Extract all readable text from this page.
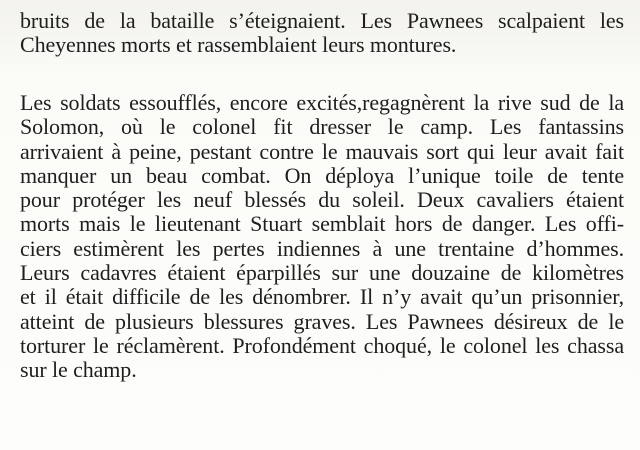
bruits de la bataille s’éteignaient. Les Pawnees scalpaient les
Cheyennes morts et rassemblaient leurs montures.
Les soldats essoufflés, encore excités,regagnèrent la rive sud de la
Solomon, où le colonel fit dresser le camp. Les fantassins
arrivaient à peine, pestant contre le mauvais sort qui leur avait fait
manquer un beau combat. On déploya l’unique toile de tente
pour protéger les neuf blessés du soleil. Deux cavaliers étaient
morts mais le lieutenant Stuart semblait hors de danger. Les offi-
ciers estimèrent les pertes indiennes à une trentaine d’hommes.
Leurs cadavres étaient éparpillés sur une douzaine de kilomètres
et il était difficile de les dénombrer. Il n’y avait qu’un prisonnier,
atteint de plusieurs blessures graves. Les Pawnees désireux de le
torturer le réclamèrent. Profondément choqué, le colonel les chassa
sur le champ.
